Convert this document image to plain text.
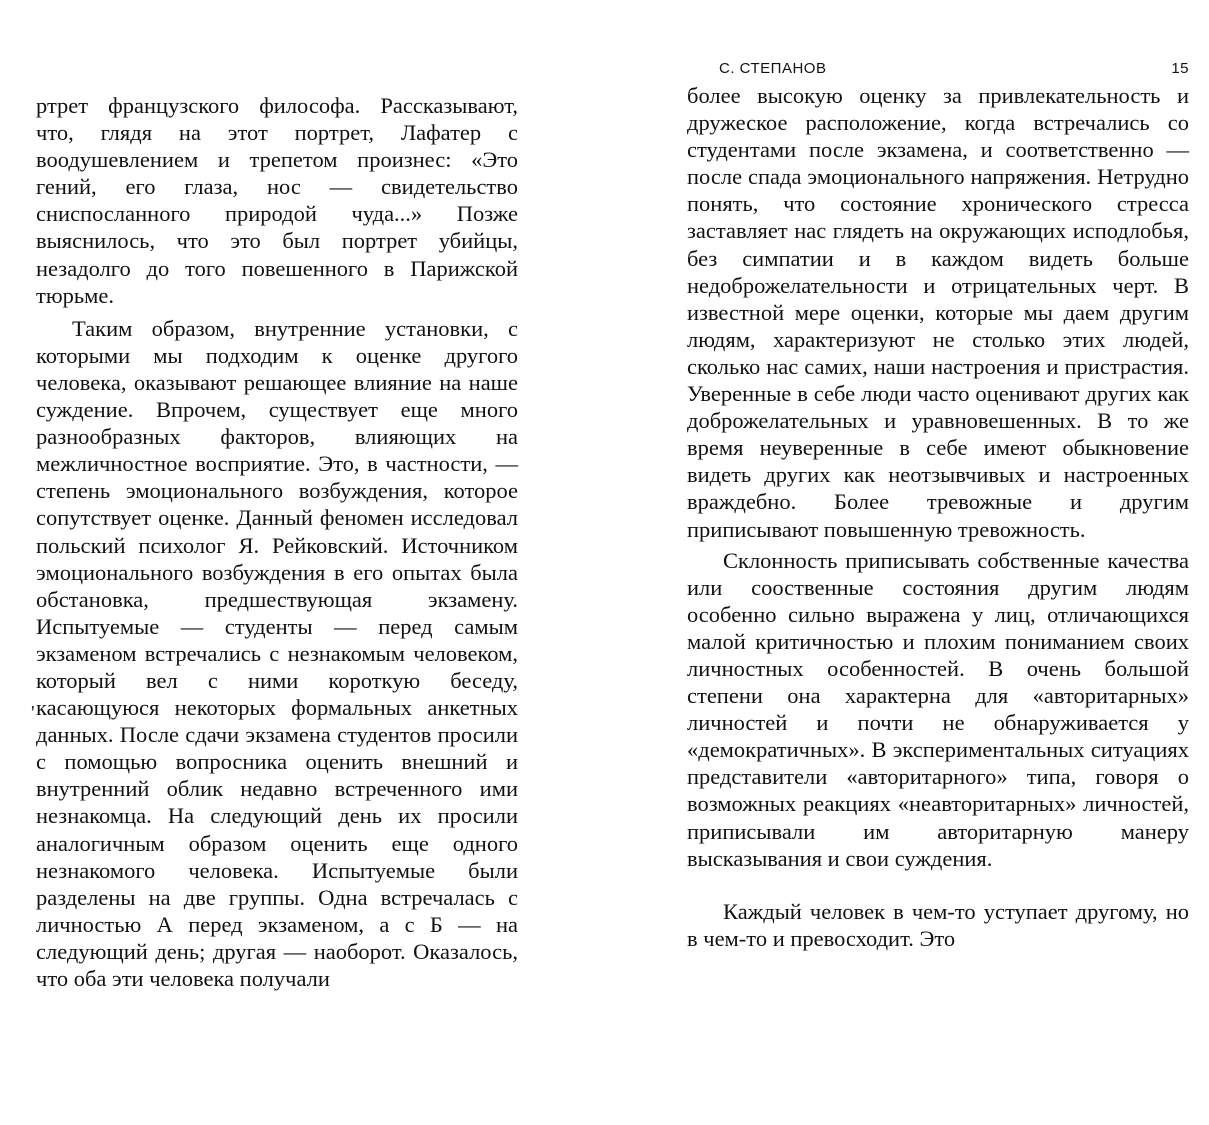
ртрет французского философа. Рассказывают, что, глядя на этот портрет, Лафатер с воодушевлением и трепетом произнес: «Это гений, его глаза, нос — свидетельство сниспосланного природой чуда...» Позже выяснилось, что это был портрет убийцы, незадолго до того повешенного в Парижской тюрьме.

Таким образом, внутренние установки, с которыми мы подходим к оценке другого человека, оказывают решающее влияние на наше суждение. Впрочем, существует еще много разнообразных факторов, влияющих на межличностное восприятие. Это, в частности, — степень эмоционального возбуждения, которое сопутствует оценке. Данный феномен исследовал польский психолог Я. Рейковский. Источником эмоционального возбуждения в его опытах была обстановка, предшествующая экзамену. Испытуемые — студенты — перед самым экзаменом встречались с незнакомым человеком, который вел с ними короткую беседу, касающуюся некоторых формальных анкетных данных. После сдачи экзамена студентов просили с помощью вопросника оценить внешний и внутренний облик недавно встреченного ими незнакомца. На следующий день их просили аналогичным образом оценить еще одного незнакомого человека. Испытуемые были разделены на две группы. Одна встречалась с личностью А перед экзаменом, а с Б — на следующий день; другая — наоборот. Оказалось, что оба эти человека получали

'
С. СТЕПАНОВ	15

более высокую оценку за привлекательность и дружеское расположение, когда встречались со студентами после экзамена, и соответственно — после спада эмоционального напряжения. Нетрудно понять, что состояние хронического стресса заставляет нас глядеть на окружающих исподлобья, без симпатии и в каждом видеть больше недоброжелательности и отрицательных черт. В известной мере оценки, которые мы даем другим людям, характеризуют не столько этих людей, сколько нас самих, наши настроения и пристрастия. Уверенные в себе люди часто оценивают других как доброжелательных и уравновешенных. В то же время неуверенные в себе имеют обыкновение видеть других как неотзывчивых и настроенных враждебно. Более тревожные и другим приписывают повышенную тревожность.

Склонность приписывать собственные качества или сооственные состояния другим людям особенно сильно выражена у лиц, отличающихся малой критичностью и плохим пониманием своих личностных особенностей. В очень большой степени она характерна для «авторитарных» личностей и почти не обнаруживается у «демократичных». В экспериментальных ситуациях представители «авторитарного» типа, говоря о возможных реакциях «неавторитарных» личностей, приписывали им авторитарную манеру высказывания и свои суждения.

Каждый человек в чем-то уступает другому, но в чем-то и превосходит. Это
